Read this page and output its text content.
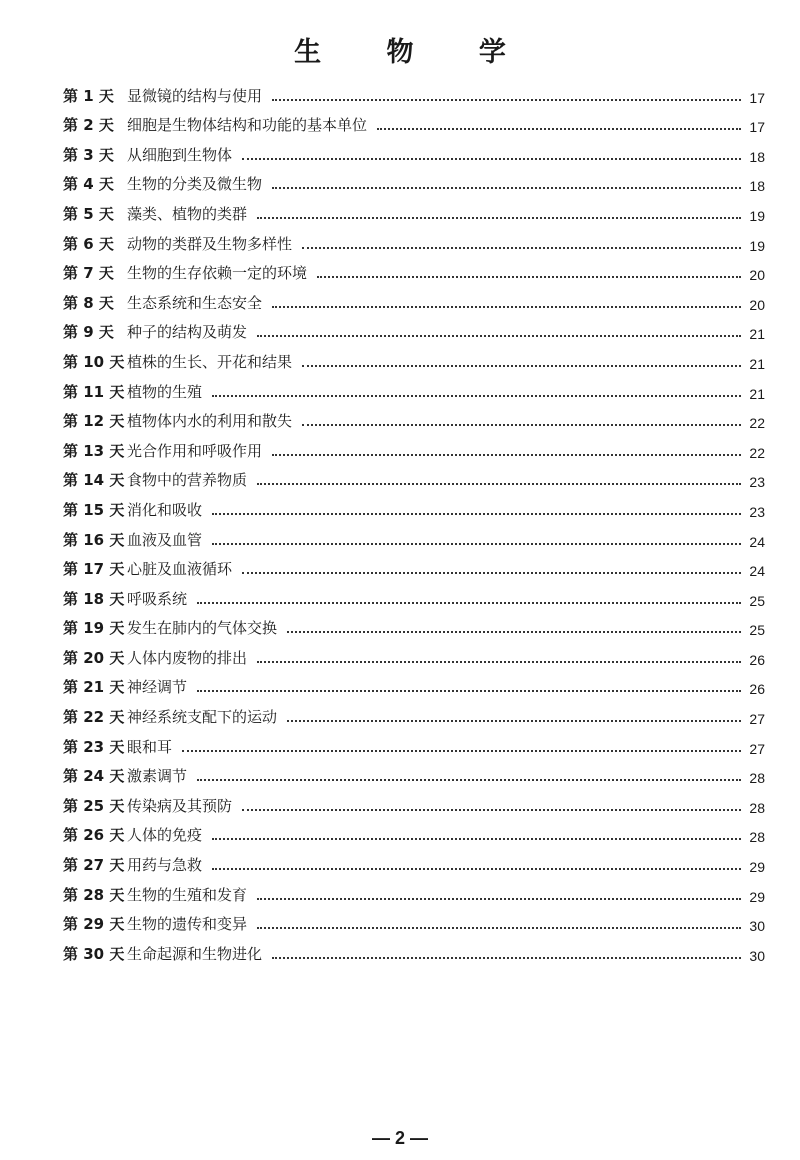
生 物 学
第 1 天 显微镜的结构与使用	17
第 2 天 细胞是生物体结构和功能的基本单位	17
第 3 天 从细胞到生物体	18
第 4 天 生物的分类及微生物	18
第 5 天 藻类、植物的类群	19
第 6 天 动物的类群及生物多样性	19
第 7 天 生物的生存依赖一定的环境	20
第 8 天 生态系统和生态安全	20
第 9 天 种子的结构及萌发	21
第 10 天 植株的生长、开花和结果	21
第 11 天 植物的生殖	21
第 12 天 植物体内水的利用和散失	22
第 13 天 光合作用和呼吸作用	22
第 14 天 食物中的营养物质	23
第 15 天 消化和吸收	23
第 16 天 血液及血管	24
第 17 天 心脏及血液循环	24
第 18 天 呼吸系统	25
第 19 天 发生在肺内的气体交换	25
第 20 天 人体内废物的排出	26
第 21 天 神经调节	26
第 22 天 神经系统支配下的运动	27
第 23 天 眼和耳	27
第 24 天 激素调节	28
第 25 天 传染病及其预防	28
第 26 天 人体的免疫	28
第 27 天 用药与急救	29
第 28 天 生物的生殖和发育	29
第 29 天 生物的遗传和变异	30
第 30 天 生命起源和生物进化	30
— 2 —
